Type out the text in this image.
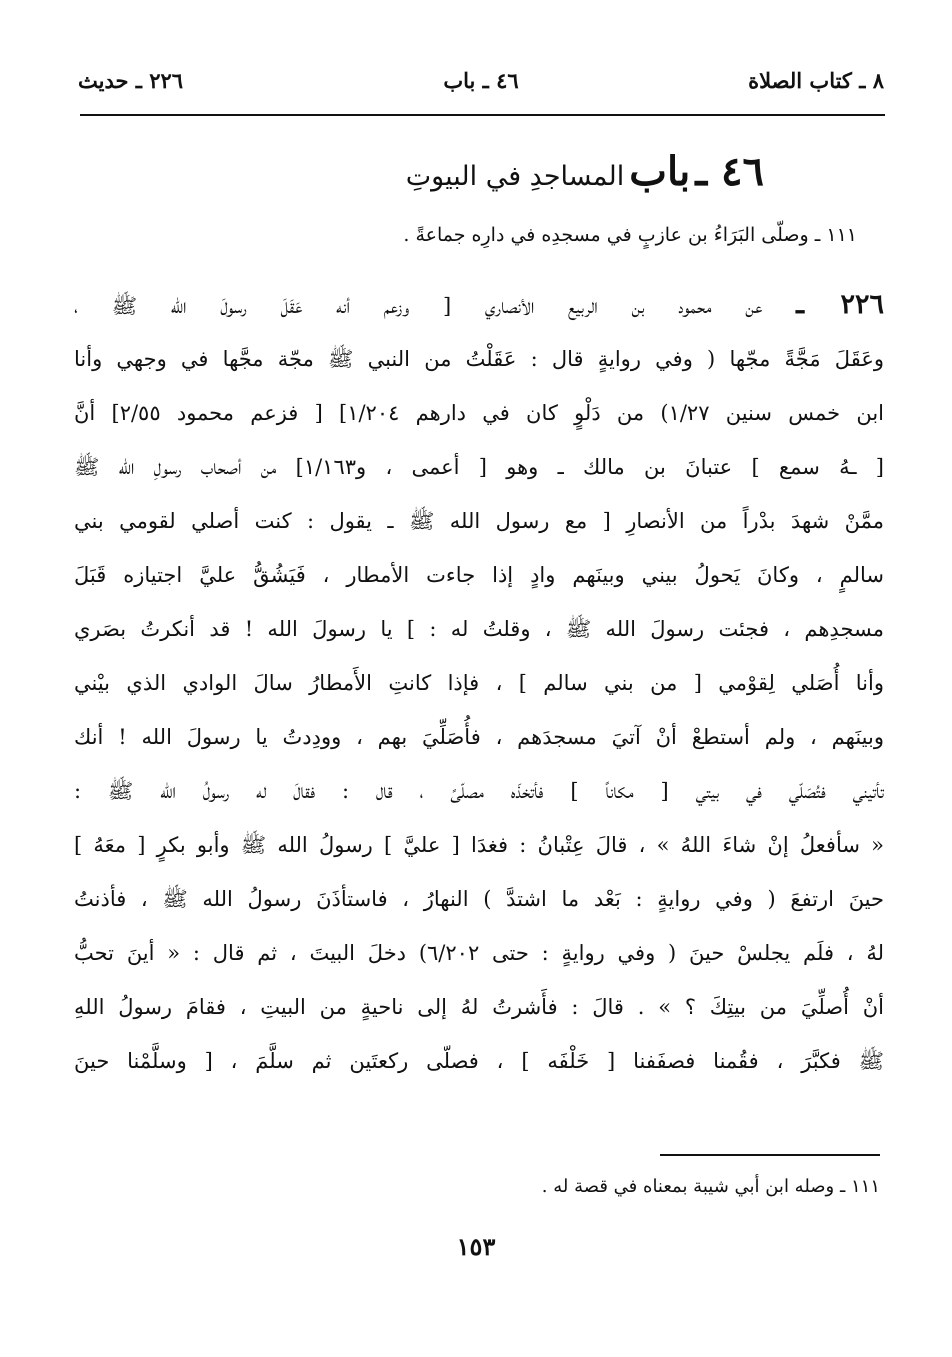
٨ ـ كتاب الصلاة
٤٦ ـ باب
٢٢٦ ـ حديث
٤٦ ـ باب المساجدِ في البيوتِ
١١١ ـ وصلّى البَرَاءُ بن عازبٍ في مسجدِه في دارِه جماعةً .
٢٢٦ ـ عن محمود بن الربيع الأنصاري [ وزعم أنه عَقَلَ رسولَ الله ﷺ ،
وعَقَلَ مَجَّةً مجّها ( وفي روايةٍ قال : عَقَلْتُ من النبي ﷺ مجّة مجَّها في وجهي وأنا
ابن خمس سنين ١/٢٧) من دَلْوٍ كان في دارهم ١/٢٠٤] [ فزعم محمود ٢/٥٥] أنَّ
[ ـهُ سمع ] عتبانَ بن مالك ـ وهو [ أعمى ، و١/١٦٣] من أصحاب رسولِ الله ﷺ
ممَّنْ شهدَ بدْراً من الأنصارِ [ مع رسول الله ﷺ ـ يقول : كنت أصلي لقومي بني
سالمٍ ، وكانَ يَحولُ بيني وبينَهم وادٍ إذا جاءت الأمطار ، فَيَشُقُّ عليَّ اجتيازه قَبَلَ
مسجدِهم ، فجئت رسولَ الله ﷺ ، وقلتُ له : ] يا رسولَ الله ! قد أنكرتُ بصَري
وأنا أُصَلي لِقوْمي [ من بني سالم ] ، فإذا كانتِ الأَمطارُ سالَ الوادي الذي بيْني
وبينَهم ، ولم أستطعْ أنْ آتيَ مسجدَهم ، فأُصَلِّيَ بهم ، وودِدتُ يا رسولَ الله ! أنك
تأتيني فتُصَلّي في بيتي [ مكاناً ] فأتخذَه مصلّىً ، قال : فقالَ له رسولُ الله ﷺ :
« سأفعلُ إنْ شاءَ اللهُ » ، قالَ عِتْبانُ : فغدَا [ عليَّ ] رسولُ الله ﷺ وأبو بكرٍ [ معَهُ ]
حينَ ارتفعَ ( وفي روايةٍ : بَعْد ما اشتدَّ ) النهارُ ، فاستأذَنَ رسولُ الله ﷺ ، فأذنتُ
لهُ ، فلَم يجلسْ حينَ ( وفي روايةٍ : حتى ٦/٢٠٢) دخلَ البيتَ ، ثم قال : « أينَ تحبُّ
أنْ أُصلِّيَ من بيتِكَ ؟ » . قالَ : فأَشرتُ لهُ إلى ناحيةٍ من البيتِ ، فقامَ رسولُ اللهِ
ﷺ فكبَّرَ ، فقُمنا فصفَفنا [ خَلْفَه ] ، فصلّى ركعتَين ثم سلَّمَ ، [ وسلَّمْنا حينَ
١١١ ـ وصله ابن أبي شيبة بمعناه في قصة له .
١٥٣
